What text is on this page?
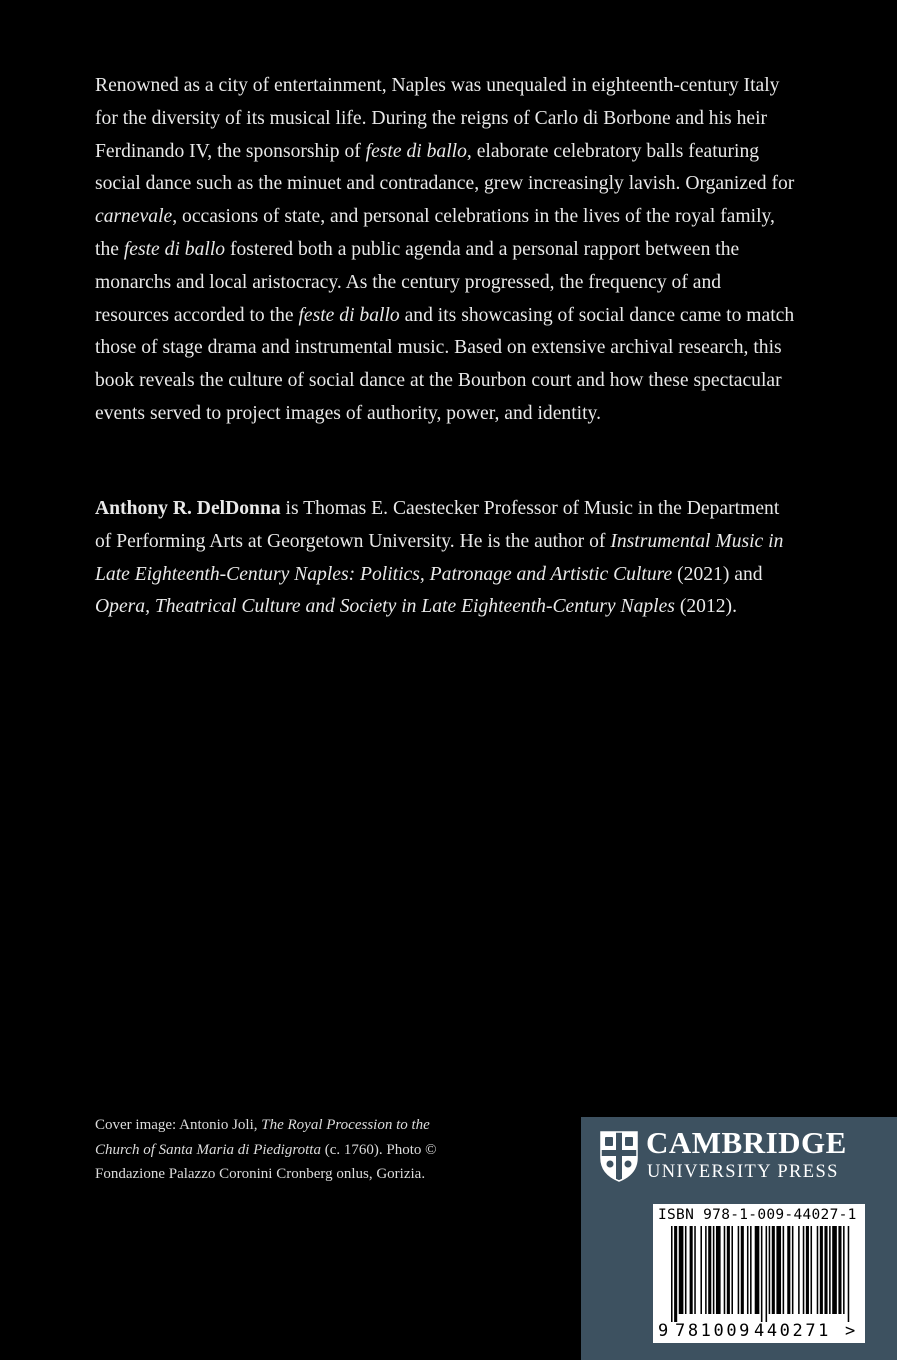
Renowned as a city of entertainment, Naples was unequaled in eighteenth-century Italy for the diversity of its musical life. During the reigns of Carlo di Borbone and his heir Ferdinando IV, the sponsorship of feste di ballo, elaborate celebratory balls featuring social dance such as the minuet and contradance, grew increasingly lavish. Organized for carnevale, occasions of state, and personal celebrations in the lives of the royal family, the feste di ballo fostered both a public agenda and a personal rapport between the monarchs and local aristocracy. As the century progressed, the frequency of and resources accorded to the feste di ballo and its showcasing of social dance came to match those of stage drama and instrumental music. Based on extensive archival research, this book reveals the culture of social dance at the Bourbon court and how these spectacular events served to project images of authority, power, and identity.

Anthony R. DelDonna is Thomas E. Caestecker Professor of Music in the Department of Performing Arts at Georgetown University. He is the author of Instrumental Music in Late Eighteenth-Century Naples: Politics, Patronage and Artistic Culture (2021) and Opera, Theatrical Culture and Society in Late Eighteenth-Century Naples (2012).

Cover image: Antonio Joli, The Royal Procession to the Church of Santa Maria di Piedigrotta (c. 1760). Photo © Fondazione Palazzo Coronini Cronberg onlus, Gorizia.

CAMBRIDGE
UNIVERSITY PRESS
ISBN 978-1-009-44027-1
9 781009 440271 >
